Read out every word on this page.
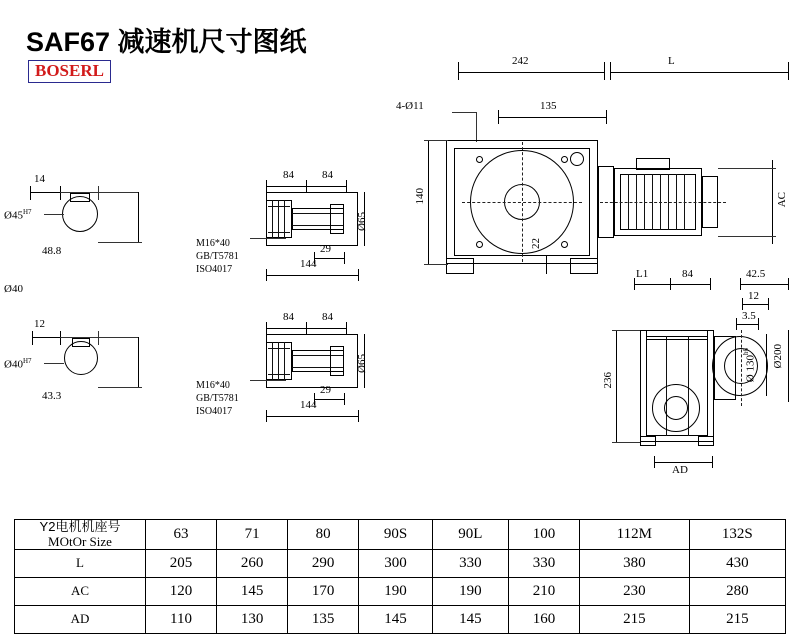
SAF67 减速机尺寸图纸
BOSERL
14
$Ø45^{H7}$
48.8
Ø40
12
$Ø40^{H7}$
43.3
84	84
Ø65
29
144
M16*40
GB/T5781
ISO4017
84	84
Ø65
29
144
M16*40
GB/T5781
ISO4017
242	L
4-Ø11	135
AC
140
22
L1	84	42.5
12
3.5
236	Ø $130^{h6}$	Ø200
AD
Y2电机机座号
MOtOr Size	63	71	80	90S	90L	100	112M	132S
L	205	260	290	300	330	330	380	430
AC	120	145	170	190	190	210	230	280
AD	110	130	135	145	145	160	215	215
